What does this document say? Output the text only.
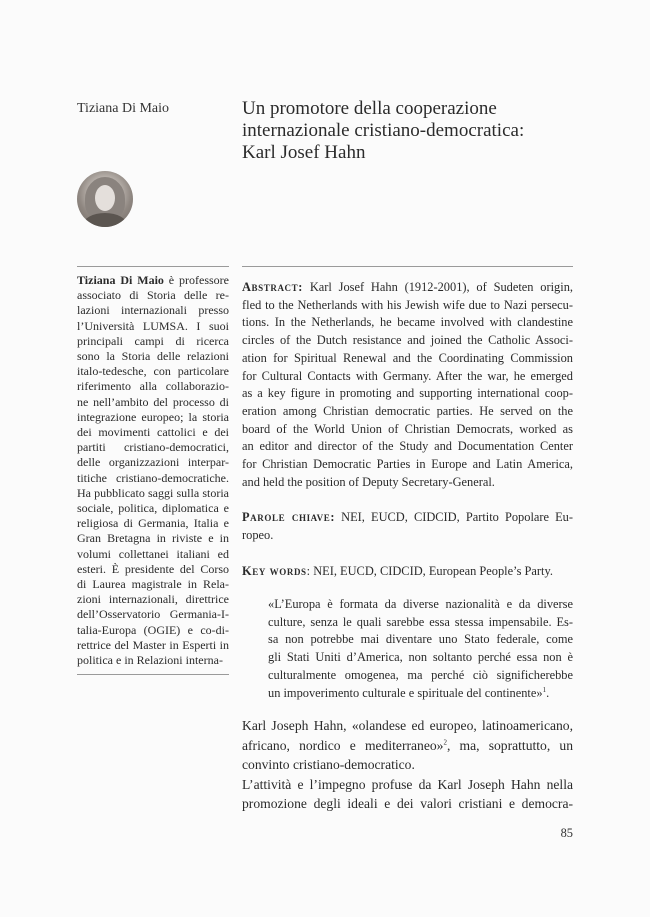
Tiziana Di Maio	Un promotore della cooperazione
internazionale cristiano-democratica:
Karl Josef Hahn
Tiziana Di Maio è professore
associato di Storia delle re-
lazioni internazionali presso
l’Università LUMSA. I suoi
principali campi di ricerca
sono la Storia delle relazioni
italo-tedesche, con particolare
riferimento alla collaborazio-
ne nell’ambito del processo di
integrazione europeo; la storia
dei movimenti cattolici e dei
partiti cristiano-democratici,
delle organizzazioni interpar-
titiche cristiano-democratiche.
Ha pubblicato saggi sulla storia
sociale, politica, diplomatica e
religiosa di Germania, Italia e
Gran Bretagna in riviste e in
volumi collettanei italiani ed
esteri. È presidente del Corso
di Laurea magistrale in Rela-
zioni internazionali, direttrice
dell’Osservatorio Germania-I-
talia-Europa (OGIE) e co-di-
rettrice del Master in Esperti in
politica e in Relazioni interna-
Abstract: Karl Josef Hahn (1912-2001), of Sudeten origin,
fled to the Netherlands with his Jewish wife due to Nazi persecu-
tions. In the Netherlands, he became involved with clandestine
circles of the Dutch resistance and joined the Catholic Associ-
ation for Spiritual Renewal and the Coordinating Commission
for Cultural Contacts with Germany. After the war, he emerged
as a key figure in promoting and supporting international coop-
eration among Christian democratic parties. He served on the
board of the World Union of Christian Democrats, worked as
an editor and director of the Study and Documentation Center
for Christian Democratic Parties in Europe and Latin America,
and held the position of Deputy Secretary-General.
Parole chiave: NEI, EUCD, CIDCID, Partito Popolare Eu-
ropeo.
Key words: NEI, EUCD, CIDCID, European People’s Party.
«L’Europa è formata da diverse nazionalità e da diverse
culture, senza le quali sarebbe essa stessa impensabile. Es-
sa non potrebbe mai diventare uno Stato federale, come
gli Stati Uniti d’America, non soltanto perché essa non è
culturalmente omogenea, ma perché ciò significherebbe
un impoverimento culturale e spirituale del continente»$^1$.
Karl Joseph Hahn, «olandese ed europeo, latinoamericano,
africano, nordico e mediterraneo»$^2$, ma, soprattutto, un
convinto cristiano-democratico.
L’attività e l’impegno profuse da Karl Joseph Hahn nella
promozione degli ideali e dei valori cristiani e democra-
85
